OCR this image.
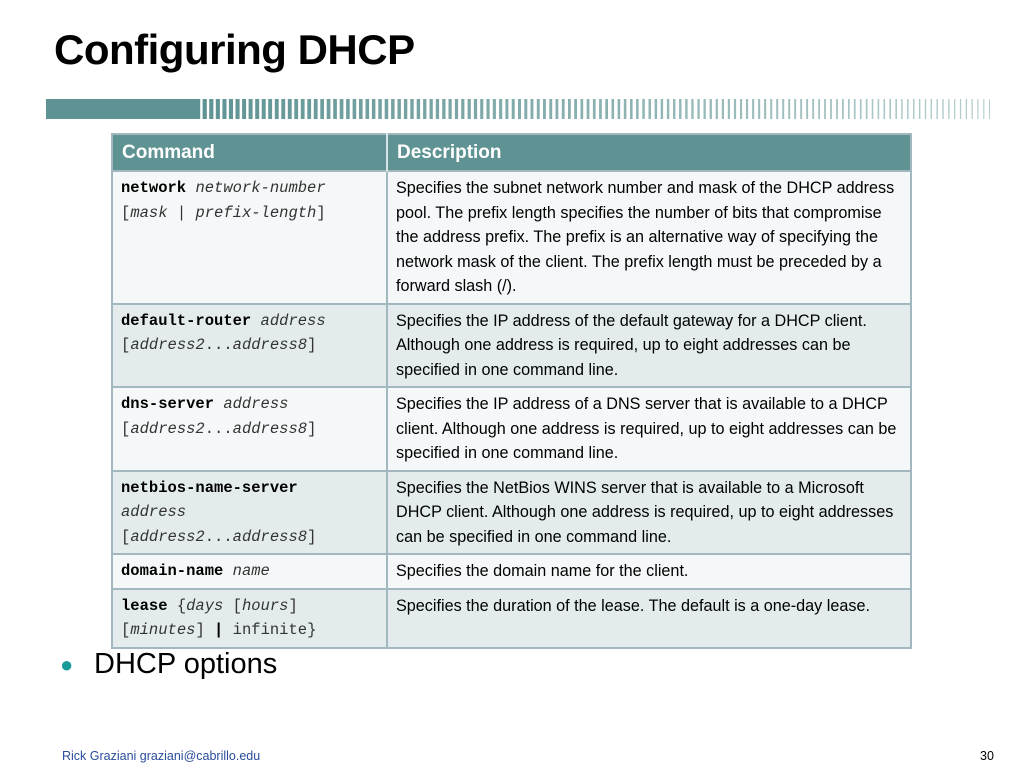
Configuring DHCP
Command	Description
network network-number
[mask | prefix-length]	Specifies the subnet network number and mask of the DHCP address pool. The prefix length specifies the number of bits that compromise the address prefix. The prefix is an alternative way of specifying the network mask of the client. The prefix length must be preceded by a forward slash (/).
default-router address
[address2...address8]	Specifies the IP address of the default gateway for a DHCP client. Although one address is required, up to eight addresses can be specified in one command line.
dns-server address
[address2...address8]	Specifies the IP address of a DNS server that is available to a DHCP client. Although one address is required, up to eight addresses can be specified in one command line.
netbios-name-server
address
[address2...address8]	Specifies the NetBios WINS server that is available to a Microsoft DHCP client. Although one address is required, up to eight addresses can be specified in one command line.
domain-name name	Specifies the domain name for the client.
lease {days [hours]
[minutes] | infinite}	Specifies the duration of the lease. The default is a one-day lease.
● DHCP options
Rick Graziani graziani@cabrillo.edu	30
